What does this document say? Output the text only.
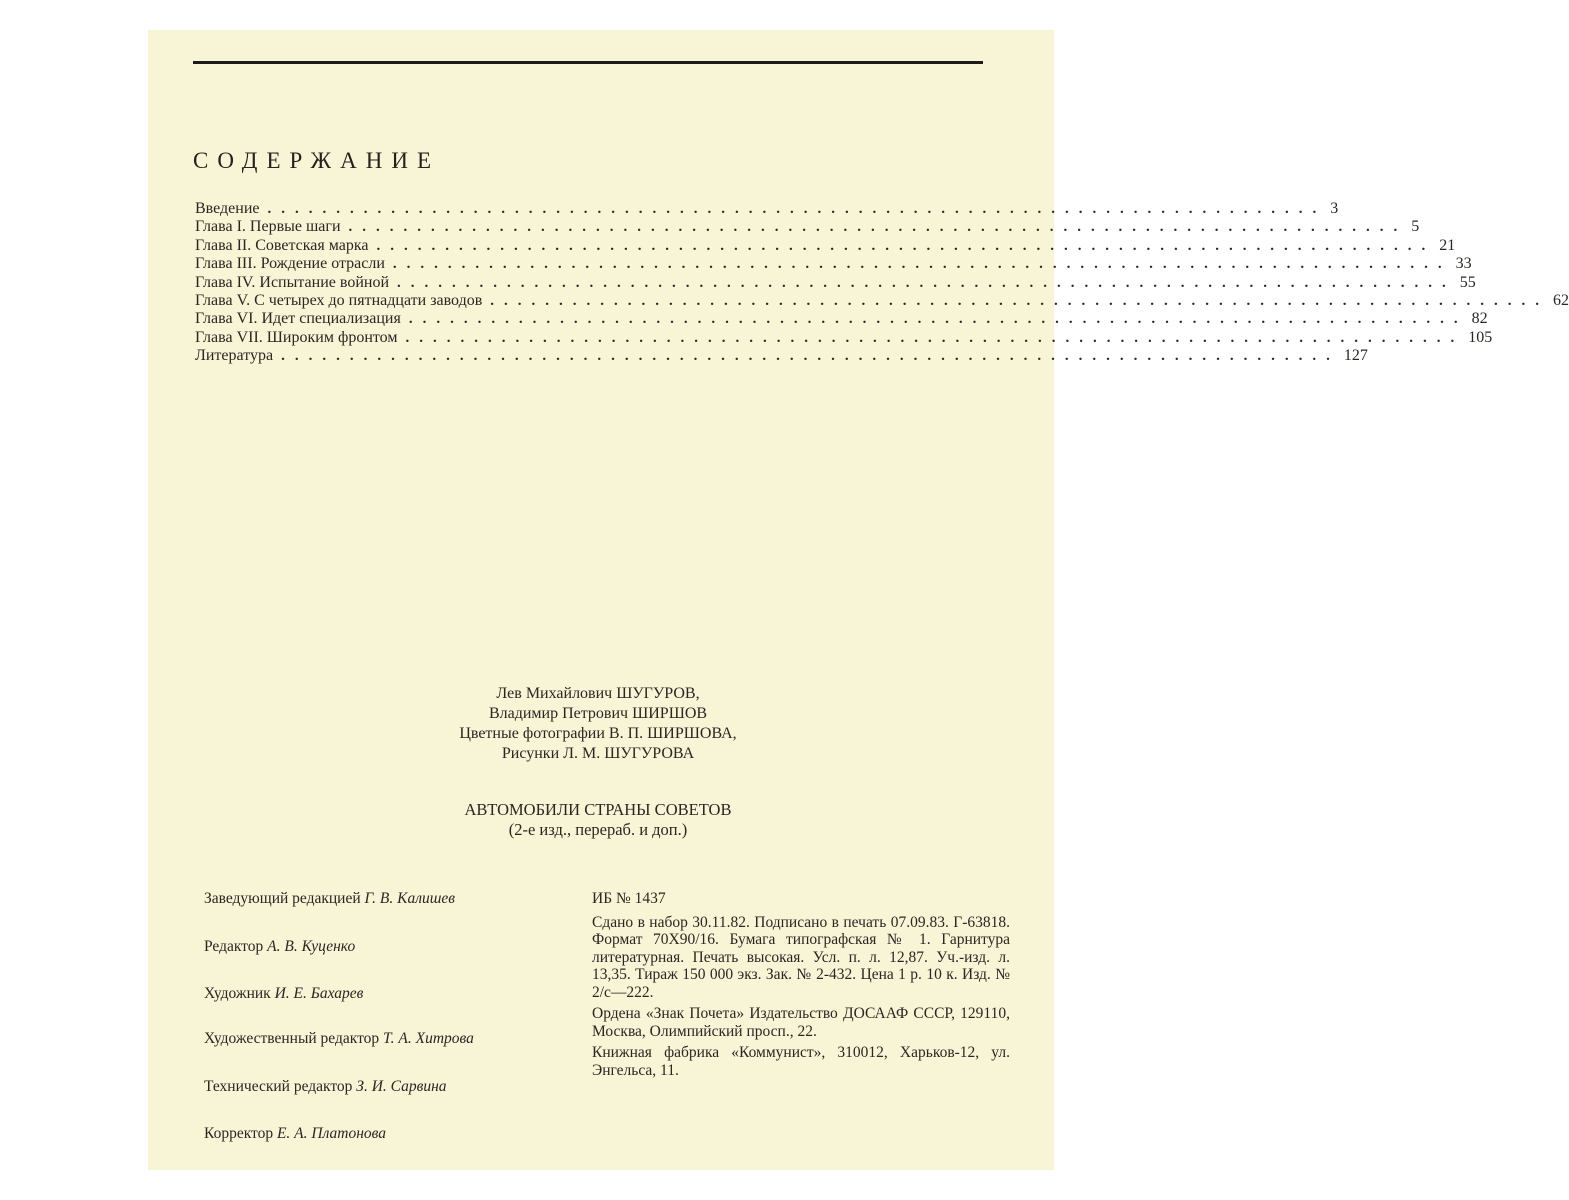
СОДЕРЖАНИЕ
Введение ............................................................................. 3
Глава I. Первые шаги ............................................................................. 5
Глава II. Советская марка ............................................................................. 21
Глава III. Рождение отрасли ............................................................................. 33
Глава IV. Испытание войной ............................................................................. 55
Глава V. С четырех до пятнадцати заводов ............................................................................. 62
Глава VI. Идет специализация ............................................................................. 82
Глава VII. Широким фронтом ............................................................................. 105
Литература ............................................................................. 127
Лев Михайлович ШУГУРОВ,
Владимир Петрович ШИРШОВ
Цветные фотографии В. П. ШИРШОВА,
Рисунки Л. М. ШУГУРОВА
АВТОМОБИЛИ СТРАНЫ СОВЕТОВ
(2-е изд., перераб. и доп.)
Заведующий редакцией Г. В. Калишев
Редактор А. В. Куценко
Художник И. Е. Бахарев
Художественный редактор Т. А. Хитрова
Технический редактор З. И. Сарвина
Корректор Е. А. Платонова
ИБ № 1437
Сдано в набор 30.11.82. Подписано в печать 07.09.83. Г-63818. Формат 70Х90/16. Бумага типографская № 1. Гарнитура литературная. Печать высокая. Усл. п. л. 12,87. Уч.-изд. л. 13,35. Тираж 150 000 экз. Зак. № 2-432. Цена 1 р. 10 к. Изд. № 2/с—222.
Ордена «Знак Почета» Издательство ДОСААФ СССР, 129110, Москва, Олимпийский просп., 22.
Книжная фабрика «Коммунист», 310012, Харьков-12, ул. Энгельса, 11.
